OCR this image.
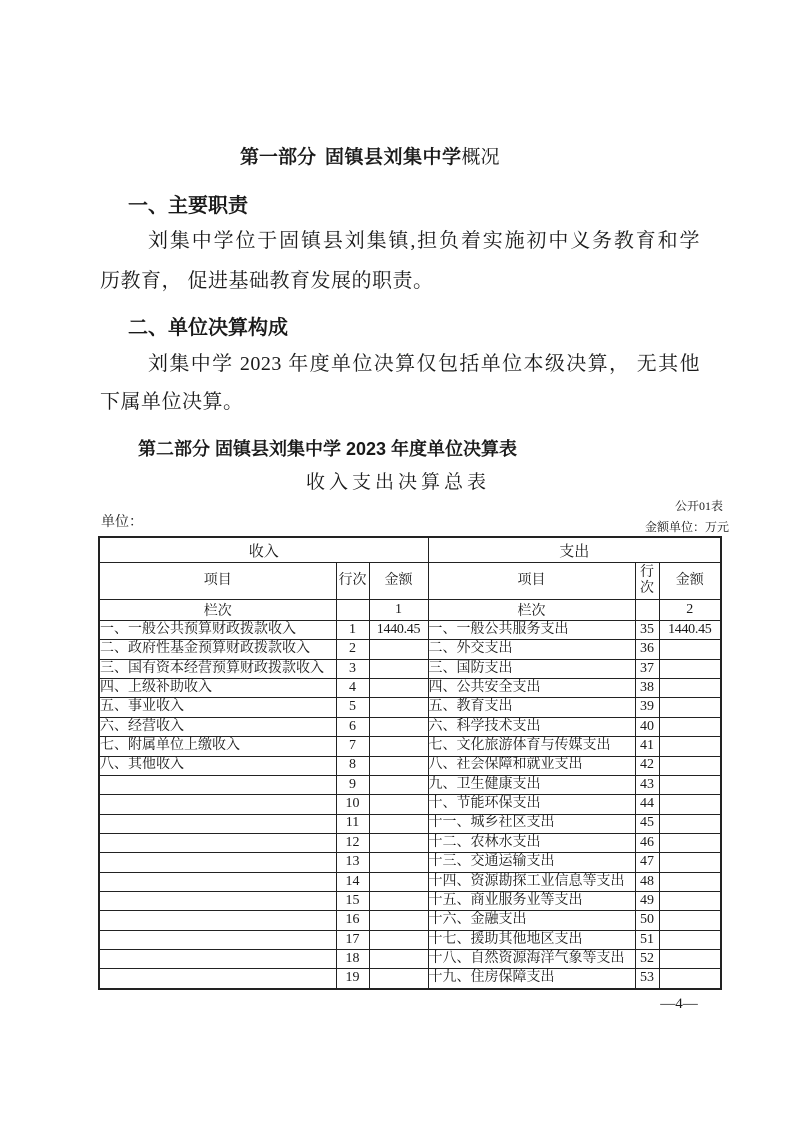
第一部分 固镇县刘集中学概况
一、主要职责
刘集中学位于固镇县刘集镇,担负着实施初中义务教育和学
历教育， 促进基础教育发展的职责。
二、单位决算构成
刘集中学 2023 年度单位决算仅包括单位本级决算， 无其他
下属单位决算。
第二部分 固镇县刘集中学 2023 年度单位决算表
收入支出决算总表
公开01表
单位：	金额单位：万元
收入			支出		
项目	行次	金额	项目	行次	金额
栏次		1	栏次		2
一、一般公共预算财政拨款收入	1	1440.45	一、一般公共服务支出	35	1440.45
二、政府性基金预算财政拨款收入	2		二、外交支出	36	
三、国有资本经营预算财政拨款收入	3		三、国防支出	37	
四、上级补助收入	4		四、公共安全支出	38	
五、事业收入	5		五、教育支出	39	
六、经营收入	6		六、科学技术支出	40	
七、附属单位上缴收入	7		七、文化旅游体育与传媒支出	41	
八、其他收入	8		八、社会保障和就业支出	42	
	9		九、卫生健康支出	43	
	10		十、节能环保支出	44	
	11		十一、城乡社区支出	45	
	12		十二、农林水支出	46	
	13		十三、交通运输支出	47	
	14		十四、资源勘探工业信息等支出	48	
	15		十五、商业服务业等支出	49	
	16		十六、金融支出	50	
	17		十七、援助其他地区支出	51	
	18		十八、自然资源海洋气象等支出	52	
	19		十九、住房保障支出	53	
—4—
